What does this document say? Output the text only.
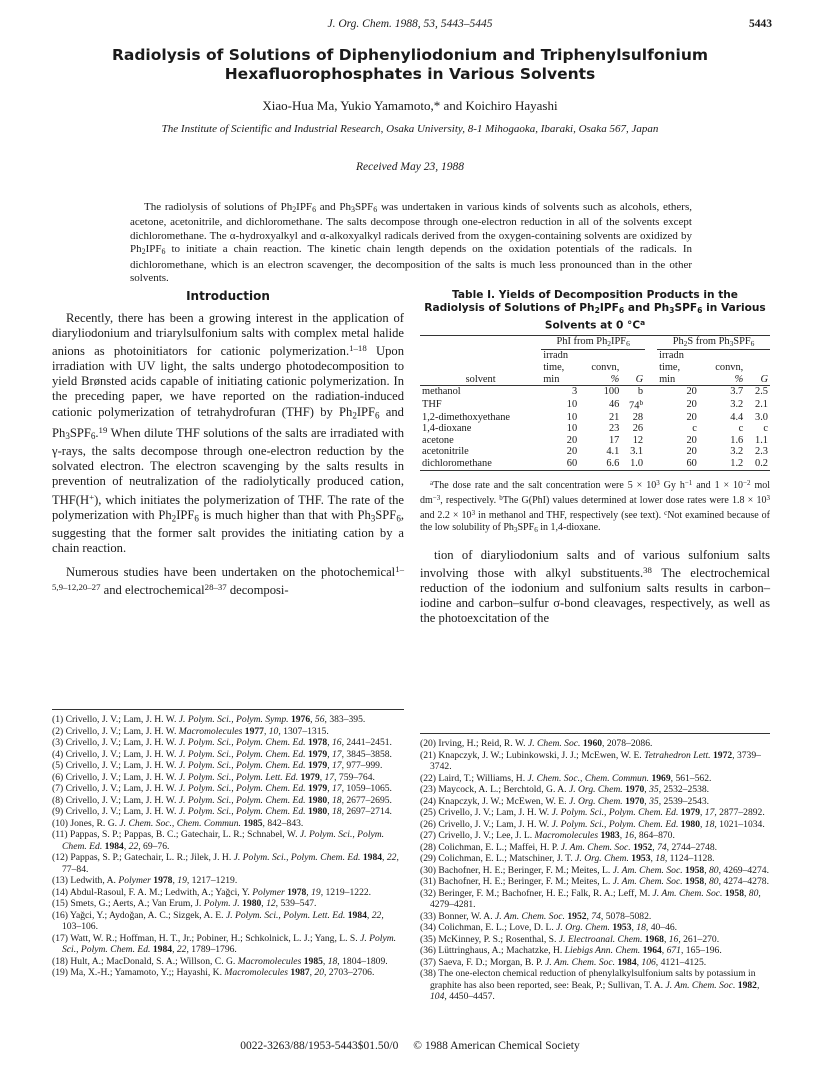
J. Org. Chem. 1988, 53, 5443–5445	5443
Radiolysis of Solutions of Diphenyliodonium and Triphenylsulfonium Hexafluorophosphates in Various Solvents
Xiao-Hua Ma, Yukio Yamamoto,* and Koichiro Hayashi
The Institute of Scientific and Industrial Research, Osaka University, 8-1 Mihogaoka, Ibaraki, Osaka 567, Japan
Received May 23, 1988

The radiolysis of solutions of $Ph_2IPF_6$ and $Ph_3SPF_6$ was undertaken in various kinds of solvents such as alcohols, ethers, acetone, acetonitrile, and dichloromethane. The salts decompose through one-electron reduction in all of the solvents except dichloromethane. The α-hydroxyalkyl and α-alkoxyalkyl radicals derived from the oxygen-containing solvents are oxidized by $Ph_2IPF_6$ to initiate a chain reaction. The kinetic chain length depends on the oxidation potentials of the radicals. In dichloromethane, which is an electron scavenger, the decomposition of the salts is much less pronounced than in the other solvents.

Introduction

Recently, there has been a growing interest in the application of diaryliodonium and triarylsulfonium salts with complex metal halide anions as photoinitiators for cationic polymerization.$^{1-18}$ Upon irradiation with UV light, the salts undergo photodecomposition to yield Brønsted acids capable of initiating cationic polymerization. In the preceding paper, we have reported on the radiation-induced cationic polymerization of tetrahydrofuran (THF) by $Ph_2IPF_6$ and $Ph_3SPF_6.^{19}$ When dilute THF solutions of the salts are irradiated with γ-rays, the salts decompose through one-electron reduction by the solvated electron. The electron scavenging by the salts results in prevention of neutralization of the radiolytically produced cation, THF(H+), which initiates the polymerization of THF. The rate of the polymerization with $Ph_2IPF_6$ is much higher than that with $Ph_3SPF_6$, suggesting that the former salt provides the initiating cation by a chain reaction.

Numerous studies have been undertaken on the photochemical$^{1-5,9-12,20-27}$ and electrochemical$^{28-37}$ decomposi-

Table I. Yields of Decomposition Products in the Radiolysis of Solutions of $Ph_2IPF_6$ and $Ph_3SPF_6$ in Various Solvents at 0 $^\circ C^a$
	PhI from $Ph_2IPF_6$				$Ph_2S$ from $Ph_3SPF_6$
	irradn				irradn		
	time,	convn,			time,	convn,	
solvent	min	%	G		min	%	G
methanol	3	100	b		20	3.7	2.5
THF	10	46	74$^b$		20	3.2	2.1
1,2-dimethoxyethane	10	21	28		20	4.4	3.0
1,4-dioxane	10	23	26		c	c	c
acetone	20	17	12		20	1.6	1.1
acetonitrile	20	4.1	3.1		20	3.2	2.3
dichloromethane	60	6.6	1.0		60	1.2	0.2

$^a$The dose rate and the salt concentration were $5 \times 10^3$ Gy $h^{-1}$ and $1 \times 10^{-2}$ mol $dm^{-3}$, respectively. $^b$The G(PhI) values determined at lower dose rates were $1.8 \times 10^3$ and $2.2 \times 10^3$ in methanol and THF, respectively (see text). $^c$Not examined because of the low solubility of $Ph_3SPF_6$ in 1,4-dioxane.

tion of diaryliodonium salts and of various sulfonium salts involving those with alkyl substituents.$^{38}$ The electrochemical reduction of the iodonium and sulfonium salts results in carbon–iodine and carbon–sulfur σ-bond cleavages, respectively, as well as the photoexcitation of the

(1) Crivello, J. V.; Lam, J. H. W. J. Polym. Sci., Polym. Symp. 1976, 56, 383–395.

(2) Crivello, J. V.; Lam, J. H. W. Macromolecules 1977, 10, 1307–1315.

(3) Crivello, J. V.; Lam, J. H. W. J. Polym. Sci., Polym. Chem. Ed. 1978, 16, 2441–2451.

(4) Crivello, J. V.; Lam, J. H. W. J. Polym. Sci., Polym. Chem. Ed. 1979, 17, 3845–3858.

(5) Crivello, J. V.; Lam, J. H. W. J. Polym. Sci., Polym. Chem. Ed. 1979, 17, 977–999.

(6) Crivello, J. V.; Lam, J. H. W. J. Polym. Sci., Polym. Lett. Ed. 1979, 17, 759–764.

(7) Crivello, J. V.; Lam, J. H. W. J. Polym. Sci., Polym. Chem. Ed. 1979, 17, 1059–1065.

(8) Crivello, J. V.; Lam, J. H. W. J. Polym. Sci., Polym. Chem. Ed. 1980, 18, 2677–2695.

(9) Crivello, J. V.; Lam, J. H. W. J. Polym. Sci., Polym. Chem. Ed. 1980, 18, 2697–2714.

(10) Jones, R. G. J. Chem. Soc., Chem. Commun. 1985, 842–843.

(11) Pappas, S. P.; Pappas, B. C.; Gatechair, L. R.; Schnabel, W. J. Polym. Sci., Polym. Chem. Ed. 1984, 22, 69–76.

(12) Pappas, S. P.; Gatechair, L. R.; Jilek, J. H. J. Polym. Sci., Polym. Chem. Ed. 1984, 22, 77–84.

(13) Ledwith, A. Polymer 1978, 19, 1217–1219.

(14) Abdul-Rasoul, F. A. M.; Ledwith, A.; Yağci, Y. Polymer 1978, 19, 1219–1222.

(15) Smets, G.; Aerts, A.; Van Erum, J. Polym. J. 1980, 12, 539–547.

(16) Yağci, Y.; Aydoğan, A. C.; Sizgek, A. E. J. Polym. Sci., Polym. Lett. Ed. 1984, 22, 103–106.

(17) Watt, W. R.; Hoffman, H. T., Jr.; Pobiner, H.; Schkolnick, L. J.; Yang, L. S. J. Polym. Sci., Polym. Chem. Ed. 1984, 22, 1789–1796.

(18) Hult, A.; MacDonald, S. A.; Willson, C. G. Macromolecules 1985, 18, 1804–1809.

(19) Ma, X.-H.; Yamamoto, Y.;; Hayashi, K. Macromolecules 1987, 20, 2703–2706.

(20) Irving, H.; Reid, R. W. J. Chem. Soc. 1960, 2078–2086.

(21) Knapczyk, J. W.; Lubinkowski, J. J.; McEwen, W. E. Tetrahedron Lett. 1972, 3739–3742.

(22) Laird, T.; Williams, H. J. Chem. Soc., Chem. Commun. 1969, 561–562.

(23) Maycock, A. L.; Berchtold, G. A. J. Org. Chem. 1970, 35, 2532–2538.

(24) Knapczyk, J. W.; McEwen, W. E. J. Org. Chem. 1970, 35, 2539–2543.

(25) Crivello, J. V.; Lam, J. H. W. J. Polym. Sci., Polym. Chem. Ed. 1979, 17, 2877–2892.

(26) Crivello, J. V.; Lam, J. H. W. J. Polym. Sci., Polym. Chem. Ed. 1980, 18, 1021–1034.

(27) Crivello, J. V.; Lee, J. L. Macromolecules 1983, 16, 864–870.

(28) Colichman, E. L.; Maffei, H. P. J. Am. Chem. Soc. 1952, 74, 2744–2748.

(29) Colichman, E. L.; Matschiner, J. T. J. Org. Chem. 1953, 18, 1124–1128.

(30) Bachofner, H. E.; Beringer, F. M.; Meites, L. J. Am. Chem. Soc. 1958, 80, 4269–4274.

(31) Bachofner, H. E.; Beringer, F. M.; Meites, L. J. Am. Chem. Soc. 1958, 80, 4274–4278.

(32) Beringer, F. M.; Bachofner, H. E.; Falk, R. A.; Leff, M. J. Am. Chem. Soc. 1958, 80, 4279–4281.

(33) Bonner, W. A. J. Am. Chem. Soc. 1952, 74, 5078–5082.

(34) Colichman, E. L.; Love, D. L. J. Org. Chem. 1953, 18, 40–46.

(35) McKinney, P. S.; Rosenthal, S. J. Electroanal. Chem. 1968, 16, 261–270.

(36) Lüttringhaus, A.; Machatzke, H. Liebigs Ann. Chem. 1964, 671, 165–196.

(37) Saeva, F. D.; Morgan, B. P. J. Am. Chem. Soc. 1984, 106, 4121–4125.

(38) The one-electon chemical reduction of phenylalkylsulfonium salts by potassium in graphite has also been reported, see: Beak, P.; Sullivan, T. A. J. Am. Chem. Soc. 1982, 104, 4450–4457.

0022-3263/88/1953-5443$01.50/0 © 1988 American Chemical Society
